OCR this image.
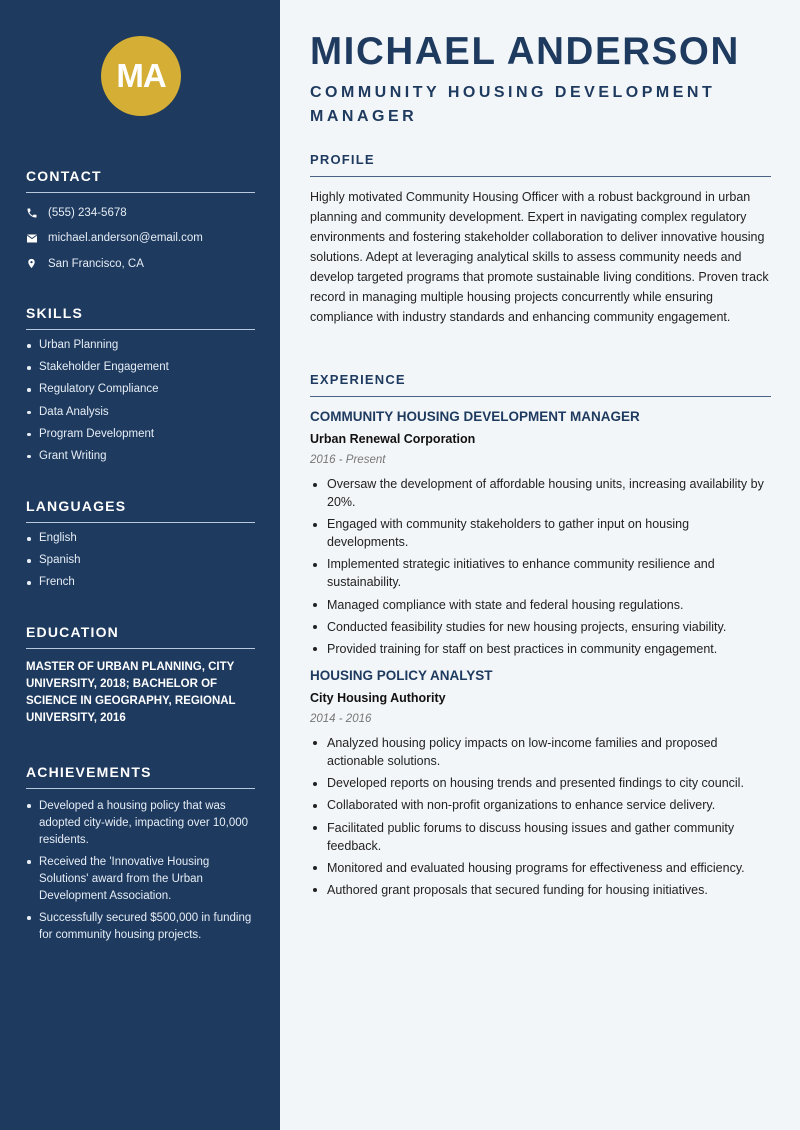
MA
CONTACT
(555) 234-5678
michael.anderson@email.com
San Francisco, CA
SKILLS
Urban Planning
Stakeholder Engagement
Regulatory Compliance
Data Analysis
Program Development
Grant Writing
LANGUAGES
English
Spanish
French
EDUCATION

MASTER OF URBAN PLANNING, CITY UNIVERSITY, 2018; BACHELOR OF SCIENCE IN GEOGRAPHY, REGIONAL UNIVERSITY, 2016

ACHIEVEMENTS
Developed a housing policy that was adopted city-wide, impacting over 10,000 residents.
Received the 'Innovative Housing Solutions' award from the Urban Development Association.
Successfully secured $500,000 in funding for community housing projects.
MICHAEL ANDERSON
COMMUNITY HOUSING DEVELOPMENT MANAGER
PROFILE

Highly motivated Community Housing Officer with a robust background in urban planning and community development. Expert in navigating complex regulatory environments and fostering stakeholder collaboration to deliver innovative housing solutions. Adept at leveraging analytical skills to assess community needs and develop targeted programs that promote sustainable living conditions. Proven track record in managing multiple housing projects concurrently while ensuring compliance with industry standards and enhancing community engagement.

EXPERIENCE
COMMUNITY HOUSING DEVELOPMENT MANAGER
Urban Renewal Corporation
2016 - Present
Oversaw the development of affordable housing units, increasing availability by 20%.
Engaged with community stakeholders to gather input on housing developments.
Implemented strategic initiatives to enhance community resilience and sustainability.
Managed compliance with state and federal housing regulations.
Conducted feasibility studies for new housing projects, ensuring viability.
Provided training for staff on best practices in community engagement.
HOUSING POLICY ANALYST
City Housing Authority
2014 - 2016
Analyzed housing policy impacts on low-income families and proposed actionable solutions.
Developed reports on housing trends and presented findings to city council.
Collaborated with non-profit organizations to enhance service delivery.
Facilitated public forums to discuss housing issues and gather community feedback.
Monitored and evaluated housing programs for effectiveness and efficiency.
Authored grant proposals that secured funding for housing initiatives.
